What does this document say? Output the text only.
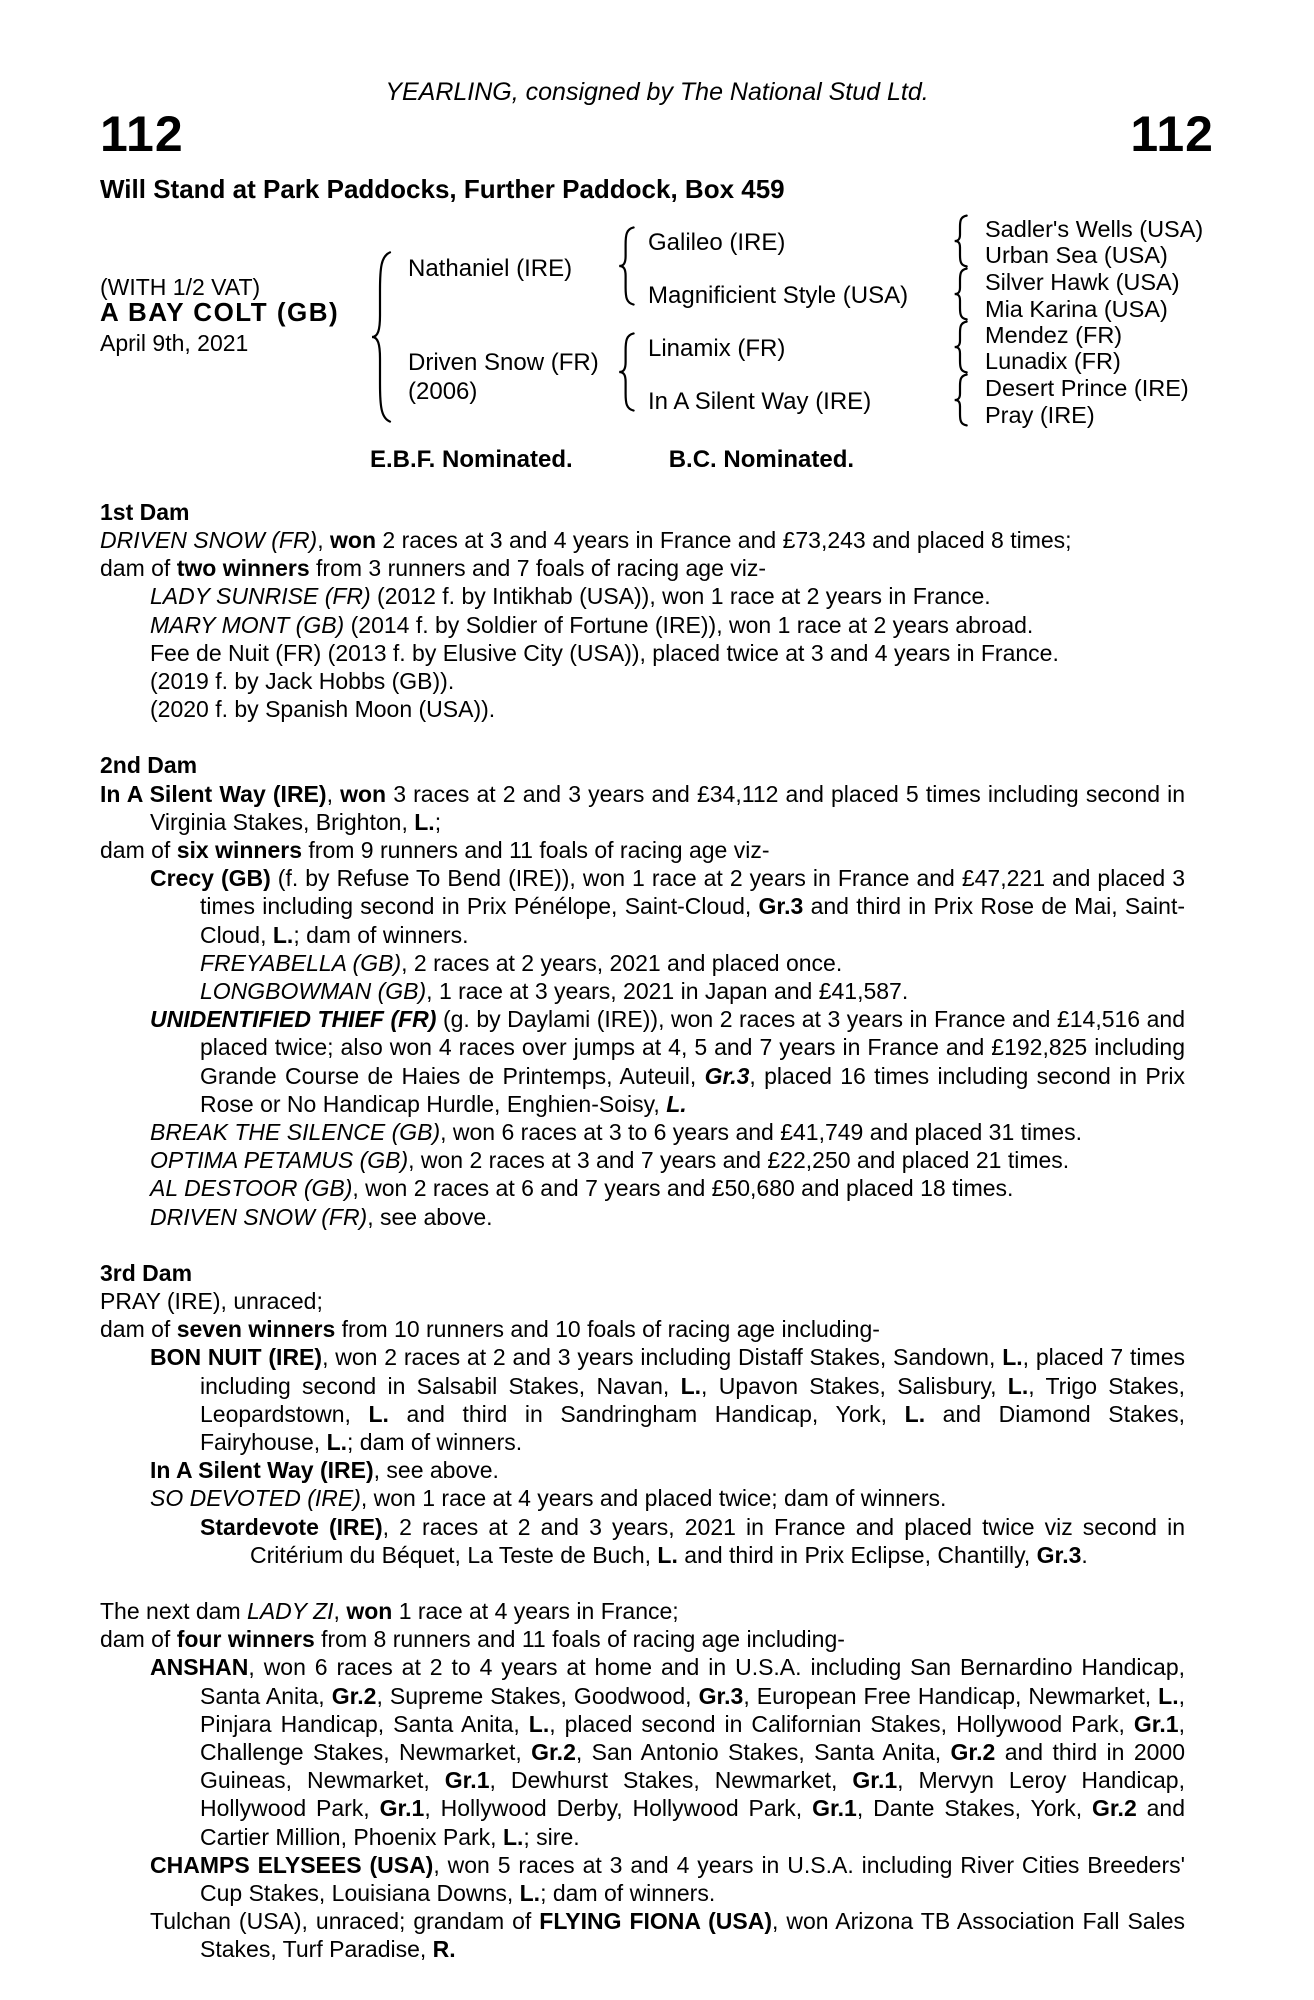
YEARLING, consigned by The National Stud Ltd.
112	112
Will Stand at Park Paddocks, Further Paddock, Box 459
(WITH 1/2 VAT)
A BAY COLT (GB)
April 9th, 2021
Nathaniel (IRE)
Driven Snow (FR)
(2006)
Galileo (IRE)
Magnificient Style (USA)
Linamix (FR)
In A Silent Way (IRE)
Sadler's Wells (USA)
Urban Sea (USA)
Silver Hawk (USA)
Mia Karina (USA)
Mendez (FR)
Lunadix (FR)
Desert Prince (IRE)
Pray (IRE)
E.B.F. Nominated.	B.C. Nominated.
1st Dam
DRIVEN SNOW (FR), won 2 races at 3 and 4 years in France and £73,243 and placed 8 times;
dam of two winners from 3 runners and 7 foals of racing age viz-
LADY SUNRISE (FR) (2012 f. by Intikhab (USA)), won 1 race at 2 years in France.
MARY MONT (GB) (2014 f. by Soldier of Fortune (IRE)), won 1 race at 2 years abroad.
Fee de Nuit (FR) (2013 f. by Elusive City (USA)), placed twice at 3 and 4 years in France.
(2019 f. by Jack Hobbs (GB)).
(2020 f. by Spanish Moon (USA)).
2nd Dam
In A Silent Way (IRE), won 3 races at 2 and 3 years and £34,112 and placed 5 times including second in Virginia Stakes, Brighton, L.;
dam of six winners from 9 runners and 11 foals of racing age viz-
Crecy (GB) (f. by Refuse To Bend (IRE)), won 1 race at 2 years in France and £47,221 and placed 3 times including second in Prix Pénélope, Saint-Cloud, Gr.3 and third in Prix Rose de Mai, Saint-Cloud, L.; dam of winners.
FREYABELLA (GB), 2 races at 2 years, 2021 and placed once.
LONGBOWMAN (GB), 1 race at 3 years, 2021 in Japan and £41,587.
UNIDENTIFIED THIEF (FR) (g. by Daylami (IRE)), won 2 races at 3 years in France and £14,516 and placed twice; also won 4 races over jumps at 4, 5 and 7 years in France and £192,825 including Grande Course de Haies de Printemps, Auteuil, Gr.3, placed 16 times including second in Prix Rose or No Handicap Hurdle, Enghien-Soisy, L.
BREAK THE SILENCE (GB), won 6 races at 3 to 6 years and £41,749 and placed 31 times.
OPTIMA PETAMUS (GB), won 2 races at 3 and 7 years and £22,250 and placed 21 times.
AL DESTOOR (GB), won 2 races at 6 and 7 years and £50,680 and placed 18 times.
DRIVEN SNOW (FR), see above.
3rd Dam
PRAY (IRE), unraced;
dam of seven winners from 10 runners and 10 foals of racing age including-
BON NUIT (IRE), won 2 races at 2 and 3 years including Distaff Stakes, Sandown, L., placed 7 times including second in Salsabil Stakes, Navan, L., Upavon Stakes, Salisbury, L., Trigo Stakes, Leopardstown, L. and third in Sandringham Handicap, York, L. and Diamond Stakes, Fairyhouse, L.; dam of winners.
In A Silent Way (IRE), see above.
SO DEVOTED (IRE), won 1 race at 4 years and placed twice; dam of winners.
Stardevote (IRE), 2 races at 2 and 3 years, 2021 in France and placed twice viz second in Critérium du Béquet, La Teste de Buch, L. and third in Prix Eclipse, Chantilly, Gr.3.
The next dam LADY ZI, won 1 race at 4 years in France;
dam of four winners from 8 runners and 11 foals of racing age including-
ANSHAN, won 6 races at 2 to 4 years at home and in U.S.A. including San Bernardino Handicap, Santa Anita, Gr.2, Supreme Stakes, Goodwood, Gr.3, European Free Handicap, Newmarket, L., Pinjara Handicap, Santa Anita, L., placed second in Californian Stakes, Hollywood Park, Gr.1, Challenge Stakes, Newmarket, Gr.2, San Antonio Stakes, Santa Anita, Gr.2 and third in 2000 Guineas, Newmarket, Gr.1, Dewhurst Stakes, Newmarket, Gr.1, Mervyn Leroy Handicap, Hollywood Park, Gr.1, Hollywood Derby, Hollywood Park, Gr.1, Dante Stakes, York, Gr.2 and Cartier Million, Phoenix Park, L.; sire.
CHAMPS ELYSEES (USA), won 5 races at 3 and 4 years in U.S.A. including River Cities Breeders' Cup Stakes, Louisiana Downs, L.; dam of winners.
Tulchan (USA), unraced; grandam of FLYING FIONA (USA), won Arizona TB Association Fall Sales Stakes, Turf Paradise, R.
